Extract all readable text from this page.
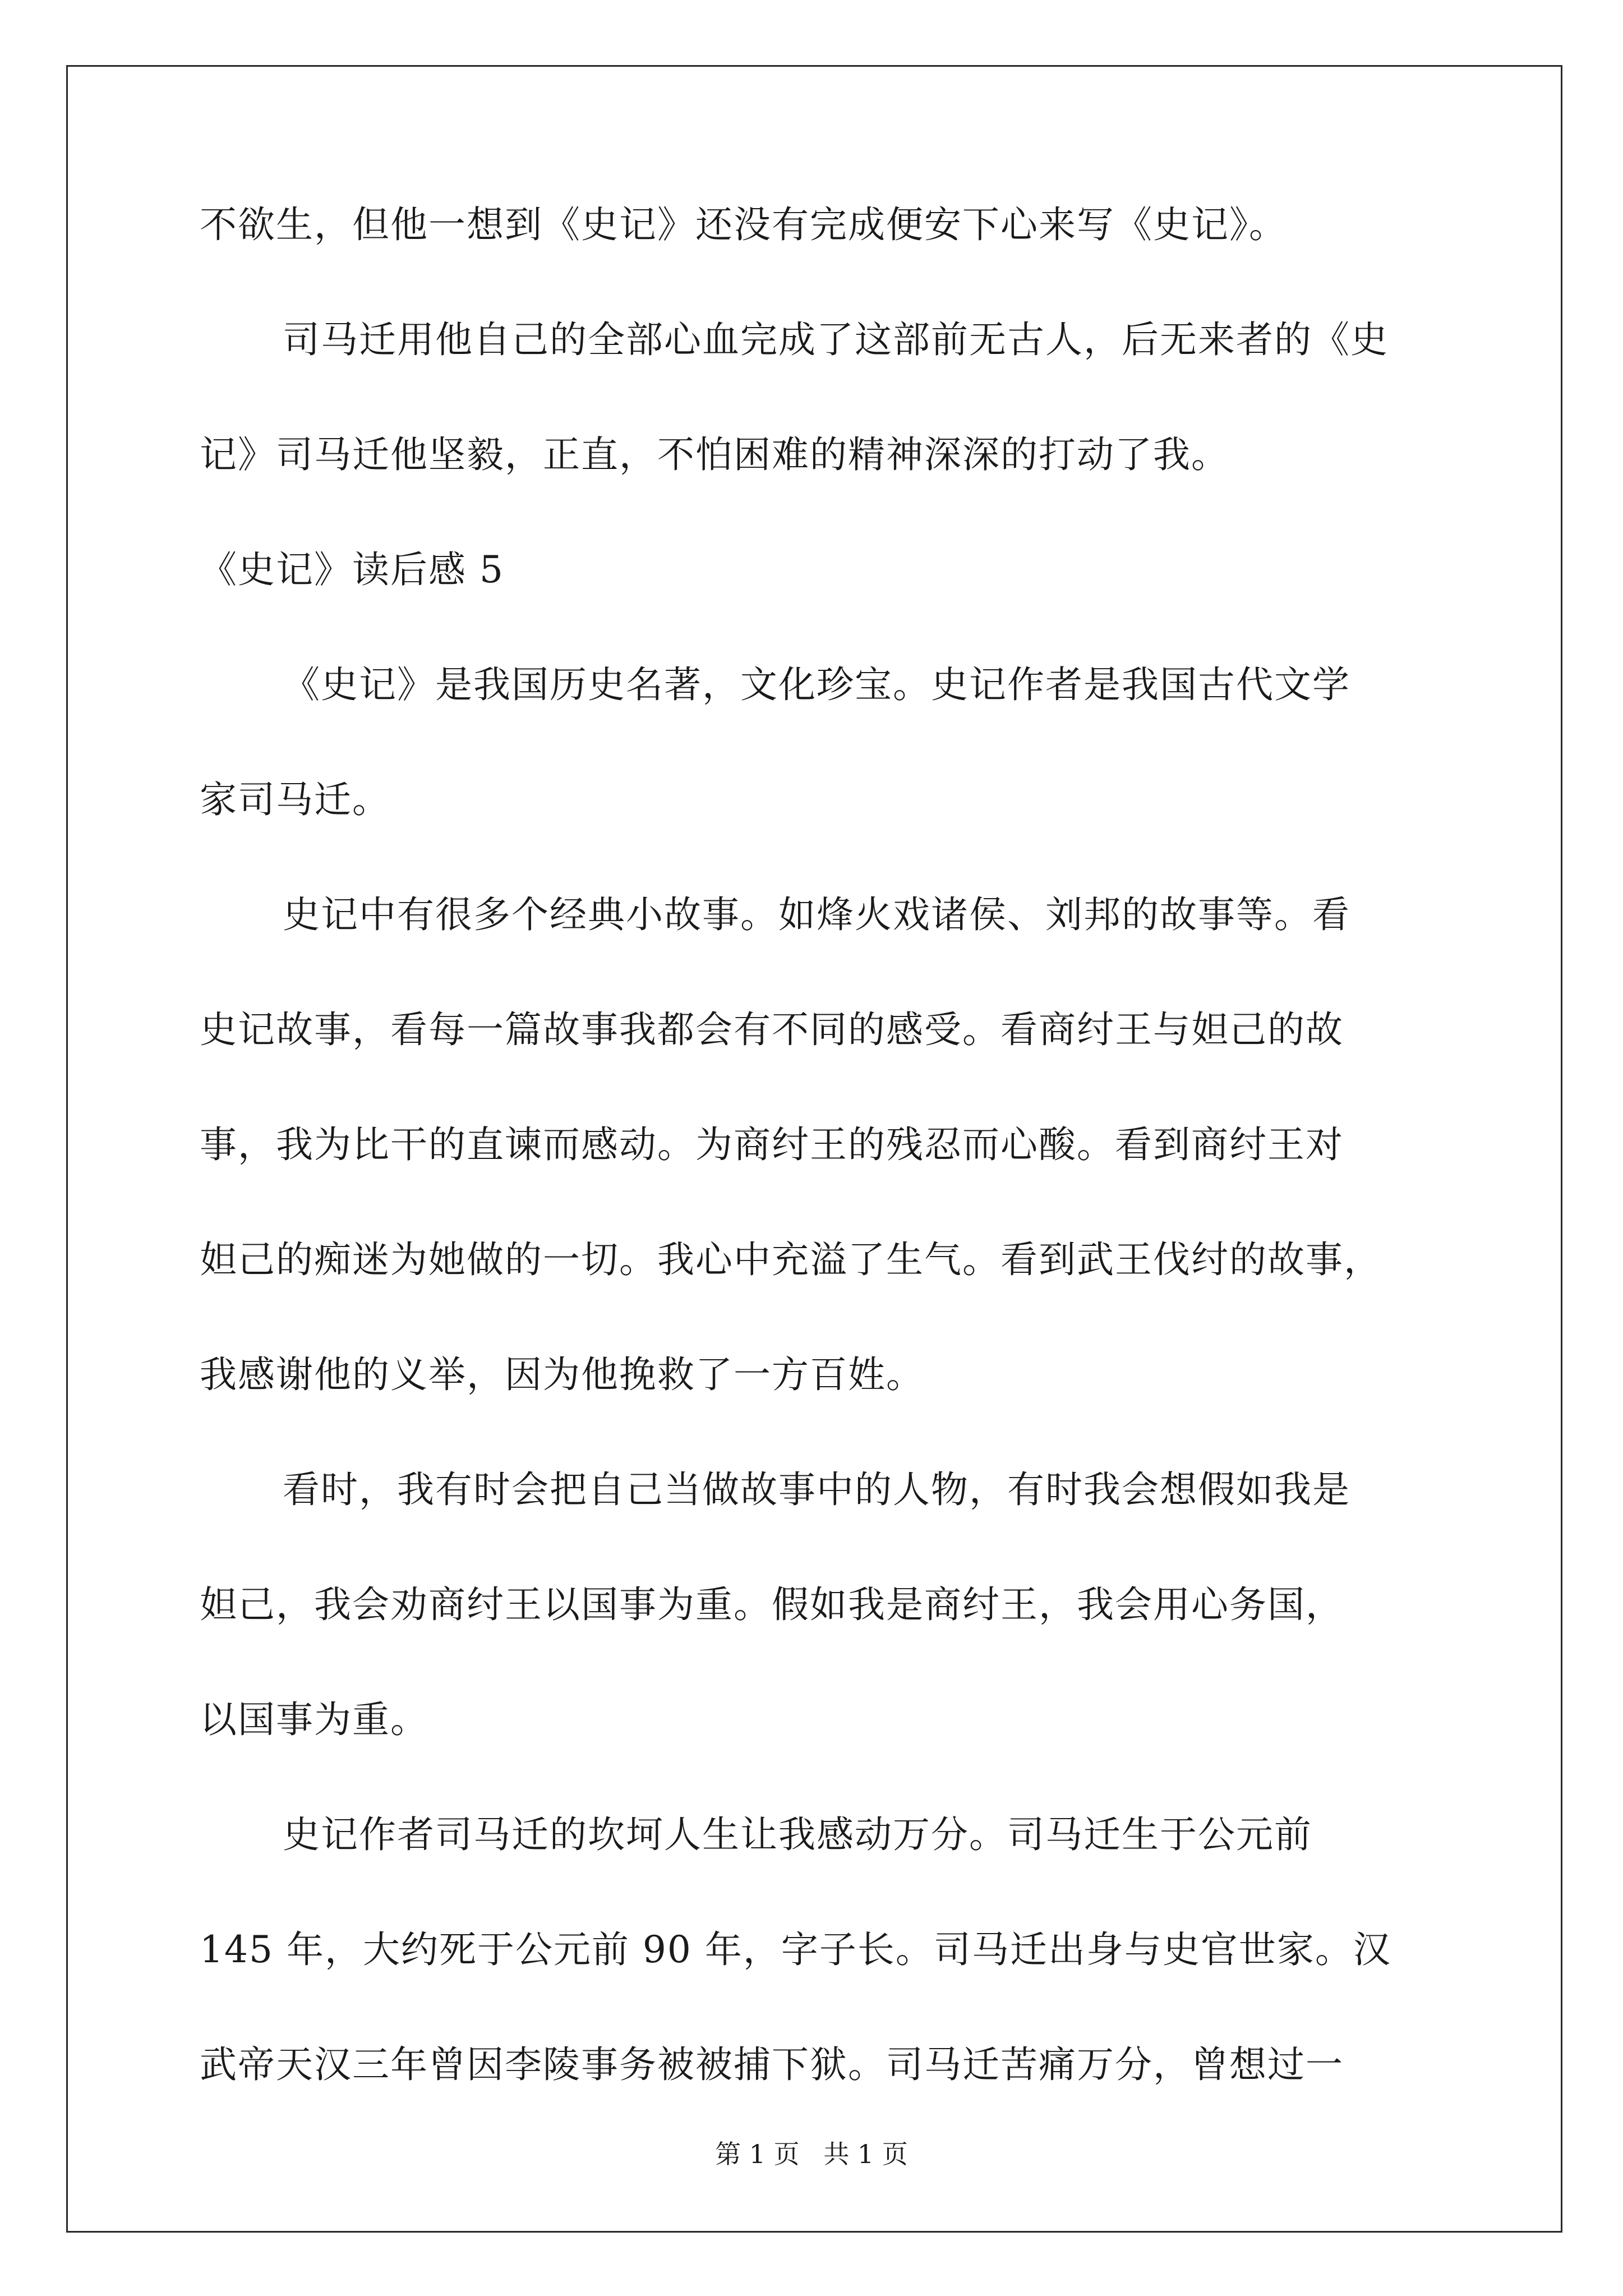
不欲生，但他一想到《史记》还没有完成便安下心来写《史记》。
司马迁用他自己的全部心血完成了这部前无古人，后无来者的《史
记》司马迁他坚毅，正直，不怕困难的精神深深的打动了我。
《史记》读后感 5
《史记》是我国历史名著，文化珍宝。史记作者是我国古代文学
家司马迁。
史记中有很多个经典小故事。如烽火戏诸侯、刘邦的故事等。看
史记故事，看每一篇故事我都会有不同的感受。看商纣王与妲己的故
事，我为比干的直谏而感动。为商纣王的残忍而心酸。看到商纣王对
妲己的痴迷为她做的一切。我心中充溢了生气。看到武王伐纣的故事，
我感谢他的义举，因为他挽救了一方百姓。
看时，我有时会把自己当做故事中的人物，有时我会想假如我是
妲己，我会劝商纣王以国事为重。假如我是商纣王，我会用心务国，
以国事为重。
史记作者司马迁的坎坷人生让我感动万分。司马迁生于公元前
145 年，大约死于公元前 90 年，字子长。司马迁出身与史官世家。汉
武帝天汉三年曾因李陵事务被被捕下狱。司马迁苦痛万分，曾想过一
第 1 页 共 1 页
